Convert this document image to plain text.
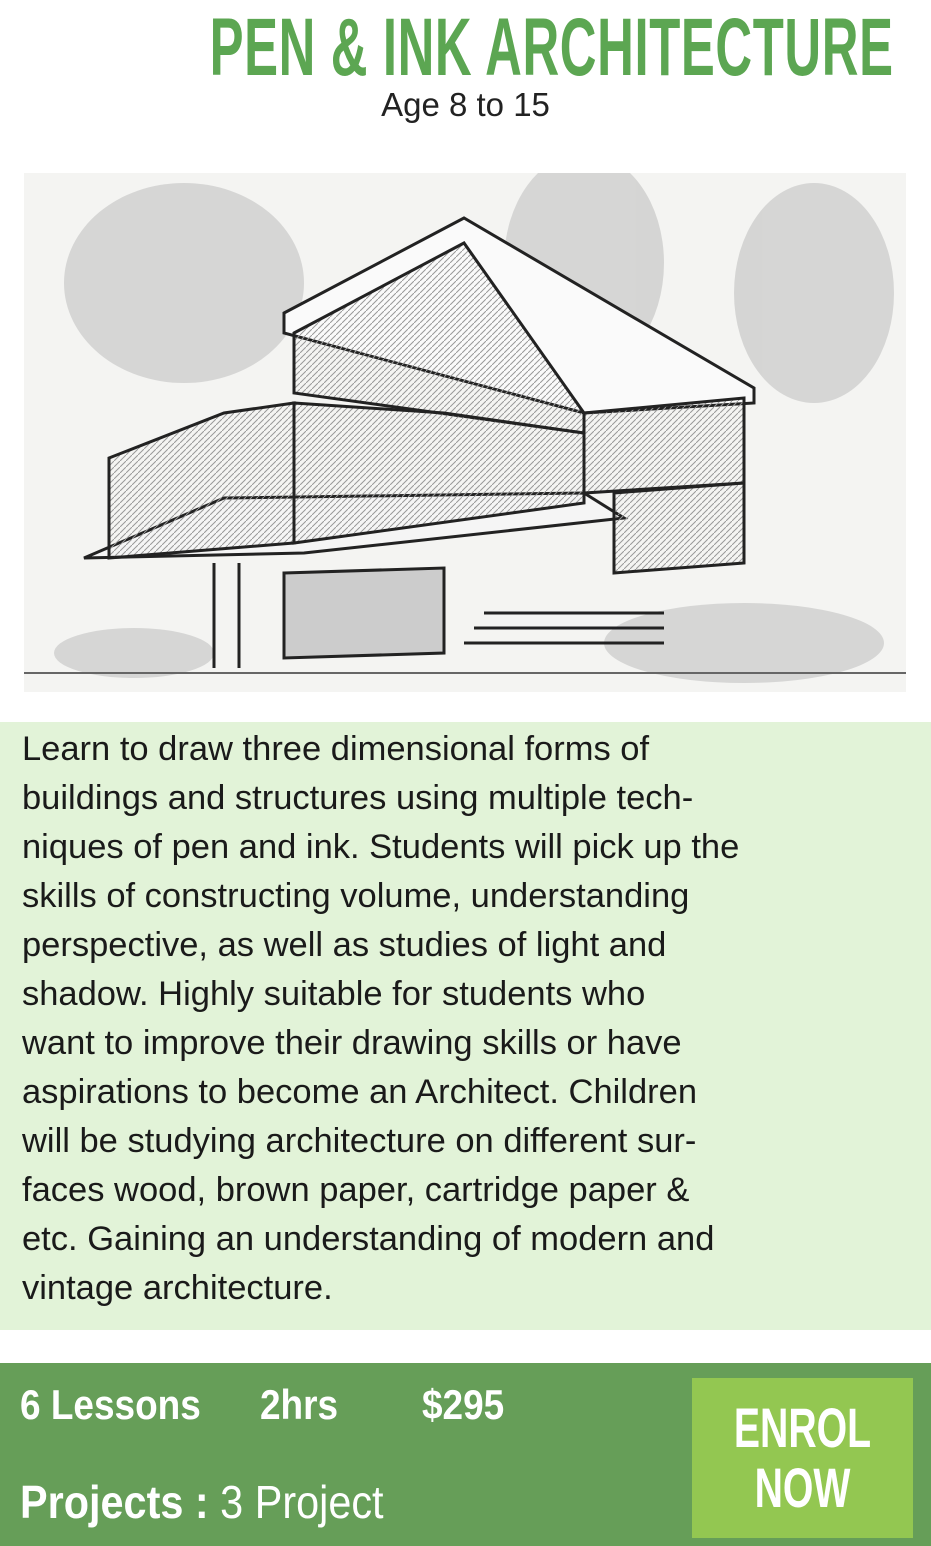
PEN & INK ARCHITECTURE
Age 8 to 15
Learn to draw three dimensional forms of
buildings and structures using multiple tech-
niques of pen and ink. Students will pick up the
skills of constructing volume, understanding
perspective, as well as studies of light and
shadow. Highly suitable for students who
want to improve their drawing skills or have
aspirations to become an Architect. Children
will be studying architecture on different sur-
faces wood, brown paper, cartridge paper &
etc. Gaining an understanding of modern and
vintage architecture.
6 Lessons 2hrs $295
Projects : 3 Project
ENROL
NOW
